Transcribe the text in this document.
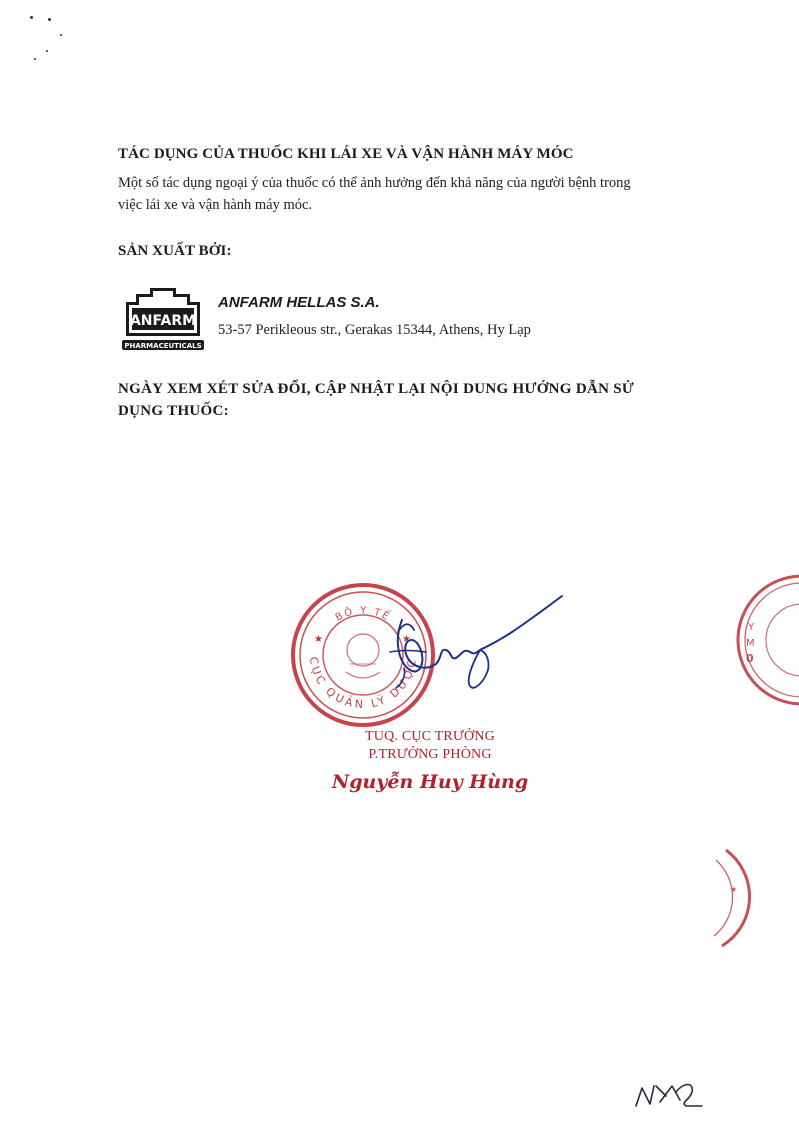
TÁC DỤNG CỦA THUỐC KHI LÁI XE VÀ VẬN HÀNH MÁY MÓC
Một số tác dụng ngoại ý của thuốc có thể ảnh hưởng đến khả năng của người bệnh trong
việc lái xe và vận hành máy móc.
SẢN XUẤT BỞI:
ANFARM
PHARMACEUTICALS
ANFARM HELLAS S.A.
53-57 Perikleous str., Gerakas 15344, Athens, Hy Lạp
NGÀY XEM XÉT SỬA ĐỔI, CẬP NHẬT LẠI NỘI DUNG HƯỚNG DẪN SỬ
DỤNG THUỐC:
CỤC QUẢN LÝ DƯỢC
BỘ Y TẾ
★	★
TUQ. CỤC TRƯỞNG
P.TRƯỞNG PHÒNG
Nguyễn Huy Hùng
Y
M
0
★
